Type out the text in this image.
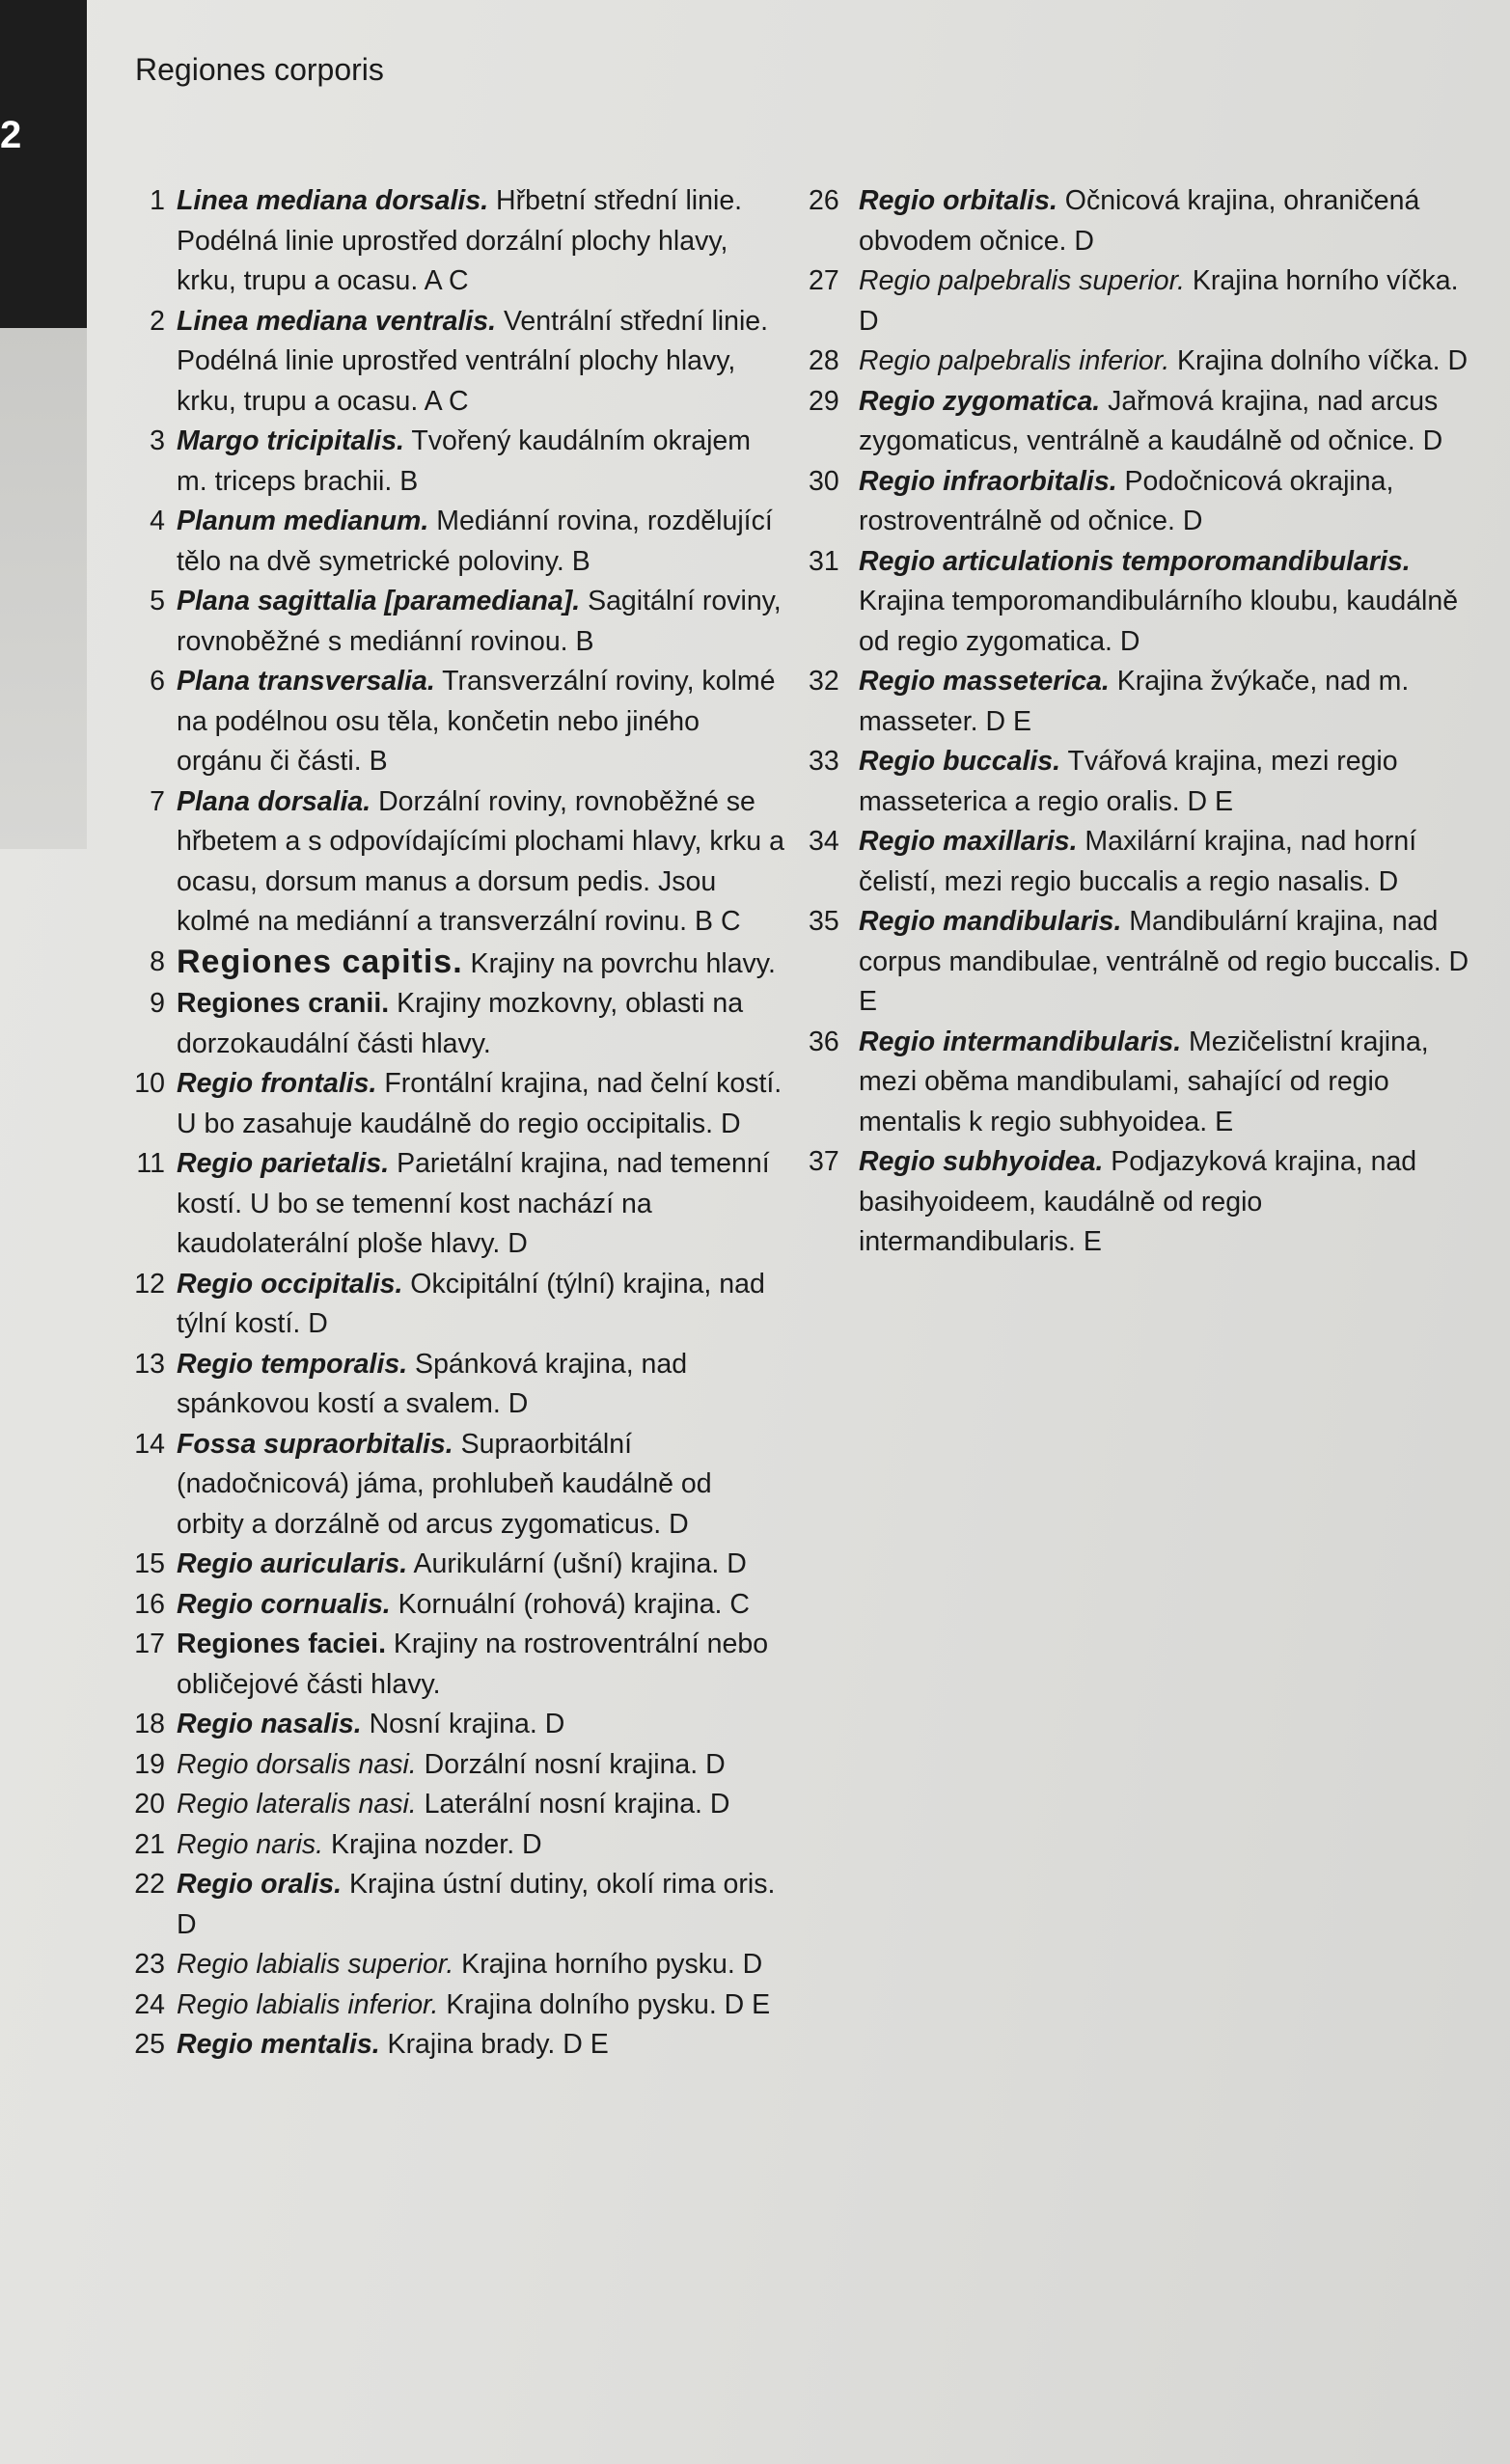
2
Regiones corporis
1 Linea mediana dorsalis. Hřbetní střední linie. Podélná linie uprostřed dorzální plochy hlavy, krku, trupu a ocasu. A C
2 Linea mediana ventralis. Ventrální střední linie. Podélná linie uprostřed ventrální plochy hlavy, krku, trupu a ocasu. A C
3 Margo tricipitalis. Tvořený kaudálním okrajem m. triceps brachii. B
4 Planum medianum. Mediánní rovina, rozdělující tělo na dvě symetrické poloviny. B
5 Plana sagittalia [paramediana]. Sagitální roviny, rovnoběžné s mediánní rovinou. B
6 Plana transversalia. Transverzální roviny, kolmé na podélnou osu těla, končetin nebo jiného orgánu či části. B
7 Plana dorsalia. Dorzální roviny, rovnoběžné se hřbetem a s odpovídajícími plochami hlavy, krku a ocasu, dorsum manus a dorsum pedis. Jsou kolmé na mediánní a transverzální rovinu. B C
8 Regiones capitis. Krajiny na povrchu hlavy.
9 Regiones cranii. Krajiny mozkovny, oblasti na dorzokaudální části hlavy.
10 Regio frontalis. Frontální krajina, nad čelní kostí. U bo zasahuje kaudálně do regio occipitalis. D
11 Regio parietalis. Parietální krajina, nad temenní kostí. U bo se temenní kost nachází na kaudolaterální ploše hlavy. D
12 Regio occipitalis. Okcipitální (týlní) krajina, nad týlní kostí. D
13 Regio temporalis. Spánková krajina, nad spánkovou kostí a svalem. D
14 Fossa supraorbitalis. Supraorbitální (nadočnicová) jáma, prohlubeň kaudálně od orbity a dorzálně od arcus zygomaticus. D
15 Regio auricularis. Aurikulární (ušní) krajina. D
16 Regio cornualis. Kornuální (rohová) krajina. C
17 Regiones faciei. Krajiny na rostroventrální nebo obličejové části hlavy.
18 Regio nasalis. Nosní krajina. D
19 Regio dorsalis nasi. Dorzální nosní krajina. D
20 Regio lateralis nasi. Laterální nosní krajina. D
21 Regio naris. Krajina nozder. D
22 Regio oralis. Krajina ústní dutiny, okolí rima oris. D
23 Regio labialis superior. Krajina horního pysku. D
24 Regio labialis inferior. Krajina dolního pysku. D E
25 Regio mentalis. Krajina brady. D E
26 Regio orbitalis. Očnicová krajina, ohraničená obvodem očnice. D
27 Regio palpebralis superior. Krajina horního víčka. D
28 Regio palpebralis inferior. Krajina dolního víčka. D
29 Regio zygomatica. Jařmová krajina, nad arcus zygomaticus, ventrálně a kaudálně od očnice. D
30 Regio infraorbitalis. Podočnicová okrajina, rostroventrálně od očnice. D
31 Regio articulationis temporomandibularis. Krajina temporomandibulárního kloubu, kaudálně od regio zygomatica. D
32 Regio masseterica. Krajina žvýkače, nad m. masseter. D E
33 Regio buccalis. Tvářová krajina, mezi regio masseterica a regio oralis. D E
34 Regio maxillaris. Maxilární krajina, nad horní čelistí, mezi regio buccalis a regio nasalis. D
35 Regio mandibularis. Mandibulární krajina, nad corpus mandibulae, ventrálně od regio buccalis. D E
36 Regio intermandibularis. Mezičelistní krajina, mezi oběma mandibulami, sahající od regio mentalis k regio subhyoidea. E
37 Regio subhyoidea. Podjazyková krajina, nad basihyoideem, kaudálně od regio intermandibularis. E
